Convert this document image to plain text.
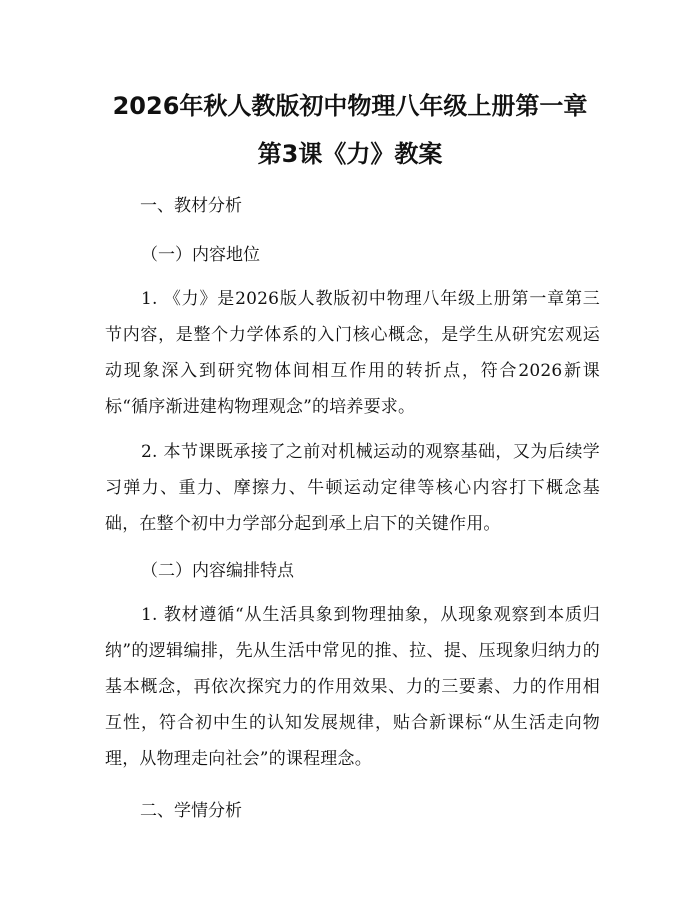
2026年秋人教版初中物理八年级上册第一章
第3课《力》教案
一、教材分析
（一）内容地位

1. 《力》是2026版人教版初中物理八年级上册第一章第三节内容，是整个力学体系的入门核心概念，是学生从研究宏观运动现象深入到研究物体间相互作用的转折点，符合2026新课标“循序渐进建构物理观念”的培养要求。

2. 本节课既承接了之前对机械运动的观察基础，又为后续学习弹力、重力、摩擦力、牛顿运动定律等核心内容打下概念基础，在整个初中力学部分起到承上启下的关键作用。

（二）内容编排特点

1. 教材遵循“从生活具象到物理抽象，从现象观察到本质归纳”的逻辑编排，先从生活中常见的推、拉、提、压现象归纳力的基本概念，再依次探究力的作用效果、力的三要素、力的作用相互性，符合初中生的认知发展规律，贴合新课标“从生活走向物理，从物理走向社会”的课程理念。

二、学情分析
